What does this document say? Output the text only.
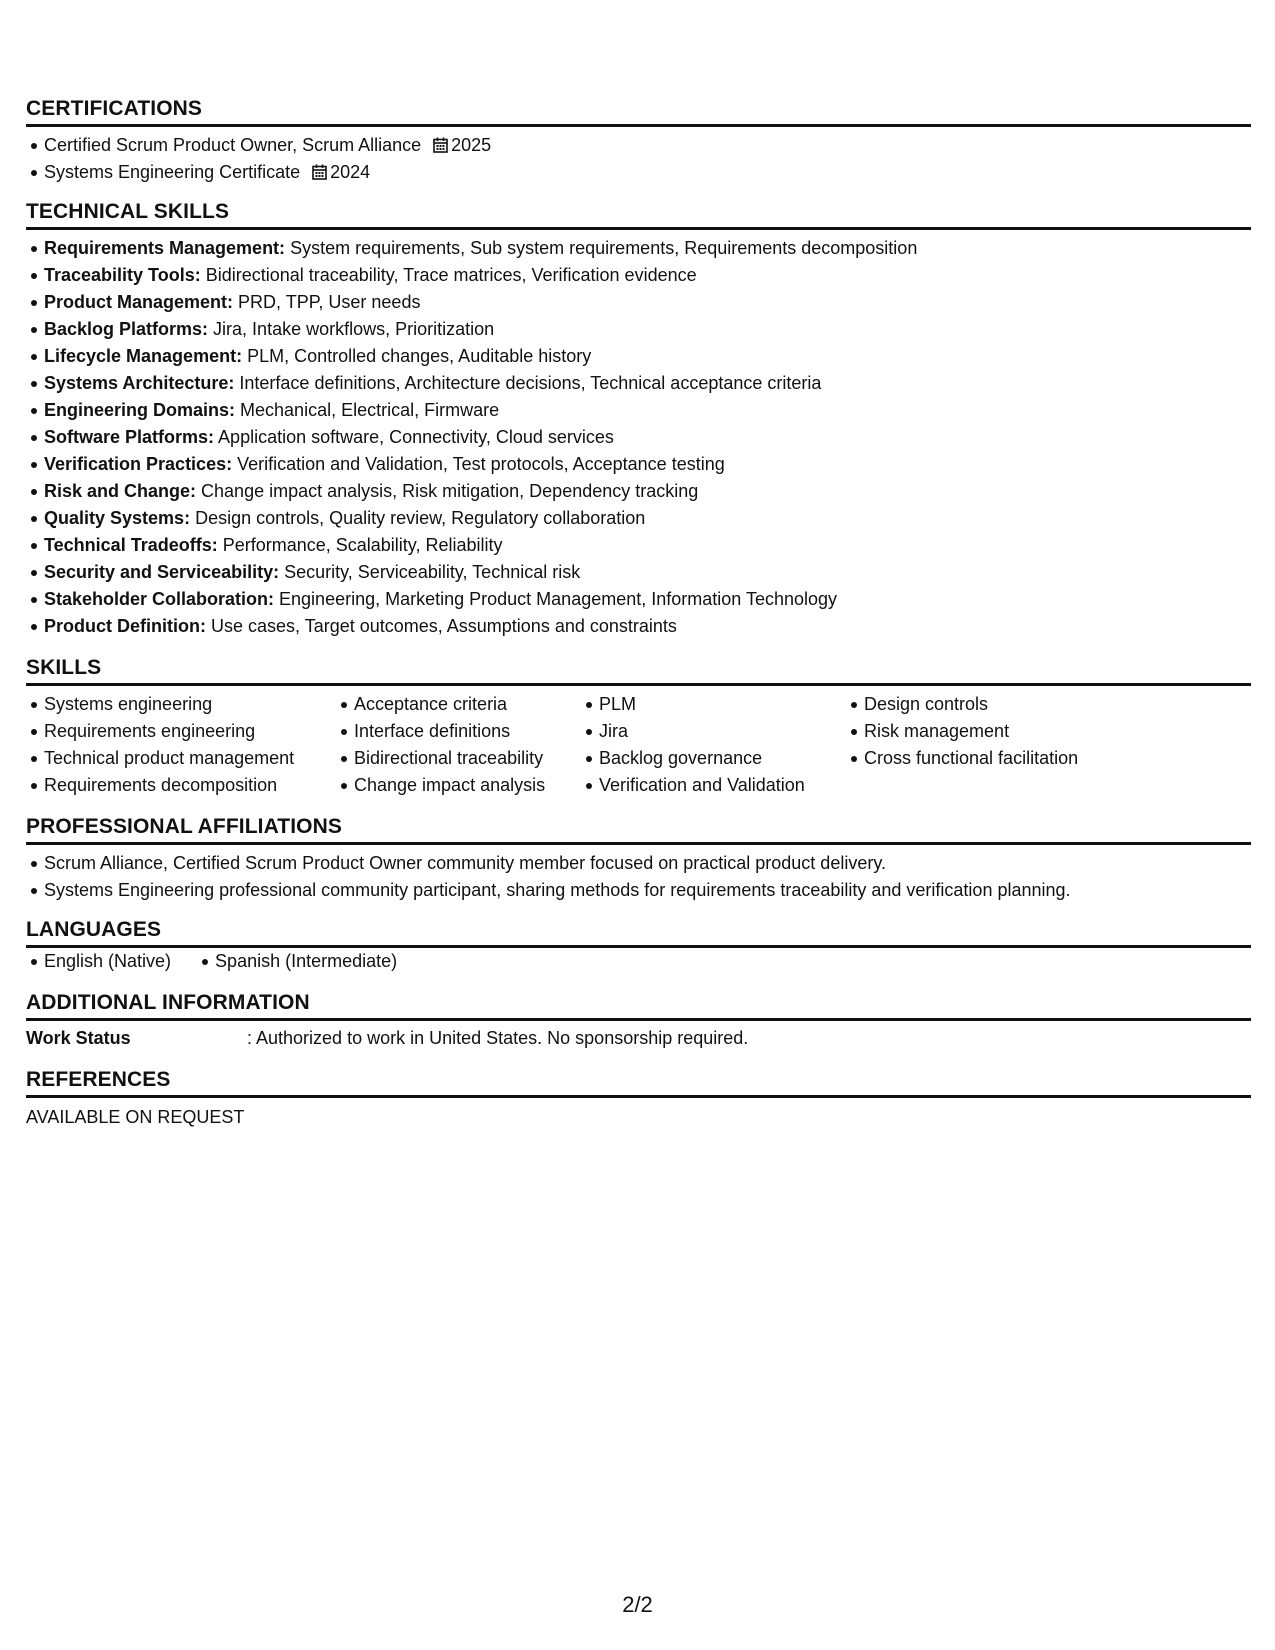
CERTIFICATIONS
Certified Scrum Product Owner, Scrum Alliance 2025
Systems Engineering Certificate 2024
TECHNICAL SKILLS
Requirements Management: System requirements, Sub system requirements, Requirements decomposition
Traceability Tools: Bidirectional traceability, Trace matrices, Verification evidence
Product Management: PRD, TPP, User needs
Backlog Platforms: Jira, Intake workflows, Prioritization
Lifecycle Management: PLM, Controlled changes, Auditable history
Systems Architecture: Interface definitions, Architecture decisions, Technical acceptance criteria
Engineering Domains: Mechanical, Electrical, Firmware
Software Platforms: Application software, Connectivity, Cloud services
Verification Practices: Verification and Validation, Test protocols, Acceptance testing
Risk and Change: Change impact analysis, Risk mitigation, Dependency tracking
Quality Systems: Design controls, Quality review, Regulatory collaboration
Technical Tradeoffs: Performance, Scalability, Reliability
Security and Serviceability: Security, Serviceability, Technical risk
Stakeholder Collaboration: Engineering, Marketing Product Management, Information Technology
Product Definition: Use cases, Target outcomes, Assumptions and constraints
SKILLS
Systems engineering
Requirements engineering
Technical product management
Requirements decomposition
Acceptance criteria
Interface definitions
Bidirectional traceability
Change impact analysis
PLM
Jira
Backlog governance
Verification and Validation
Design controls
Risk management
Cross functional facilitation
PROFESSIONAL AFFILIATIONS
Scrum Alliance, Certified Scrum Product Owner community member focused on practical product delivery.
Systems Engineering professional community participant, sharing methods for requirements traceability and verification planning.
LANGUAGES
English (Native)	Spanish (Intermediate)
ADDITIONAL INFORMATION
Work Status	: Authorized to work in United States. No sponsorship required.
REFERENCES
AVAILABLE ON REQUEST
2/2
